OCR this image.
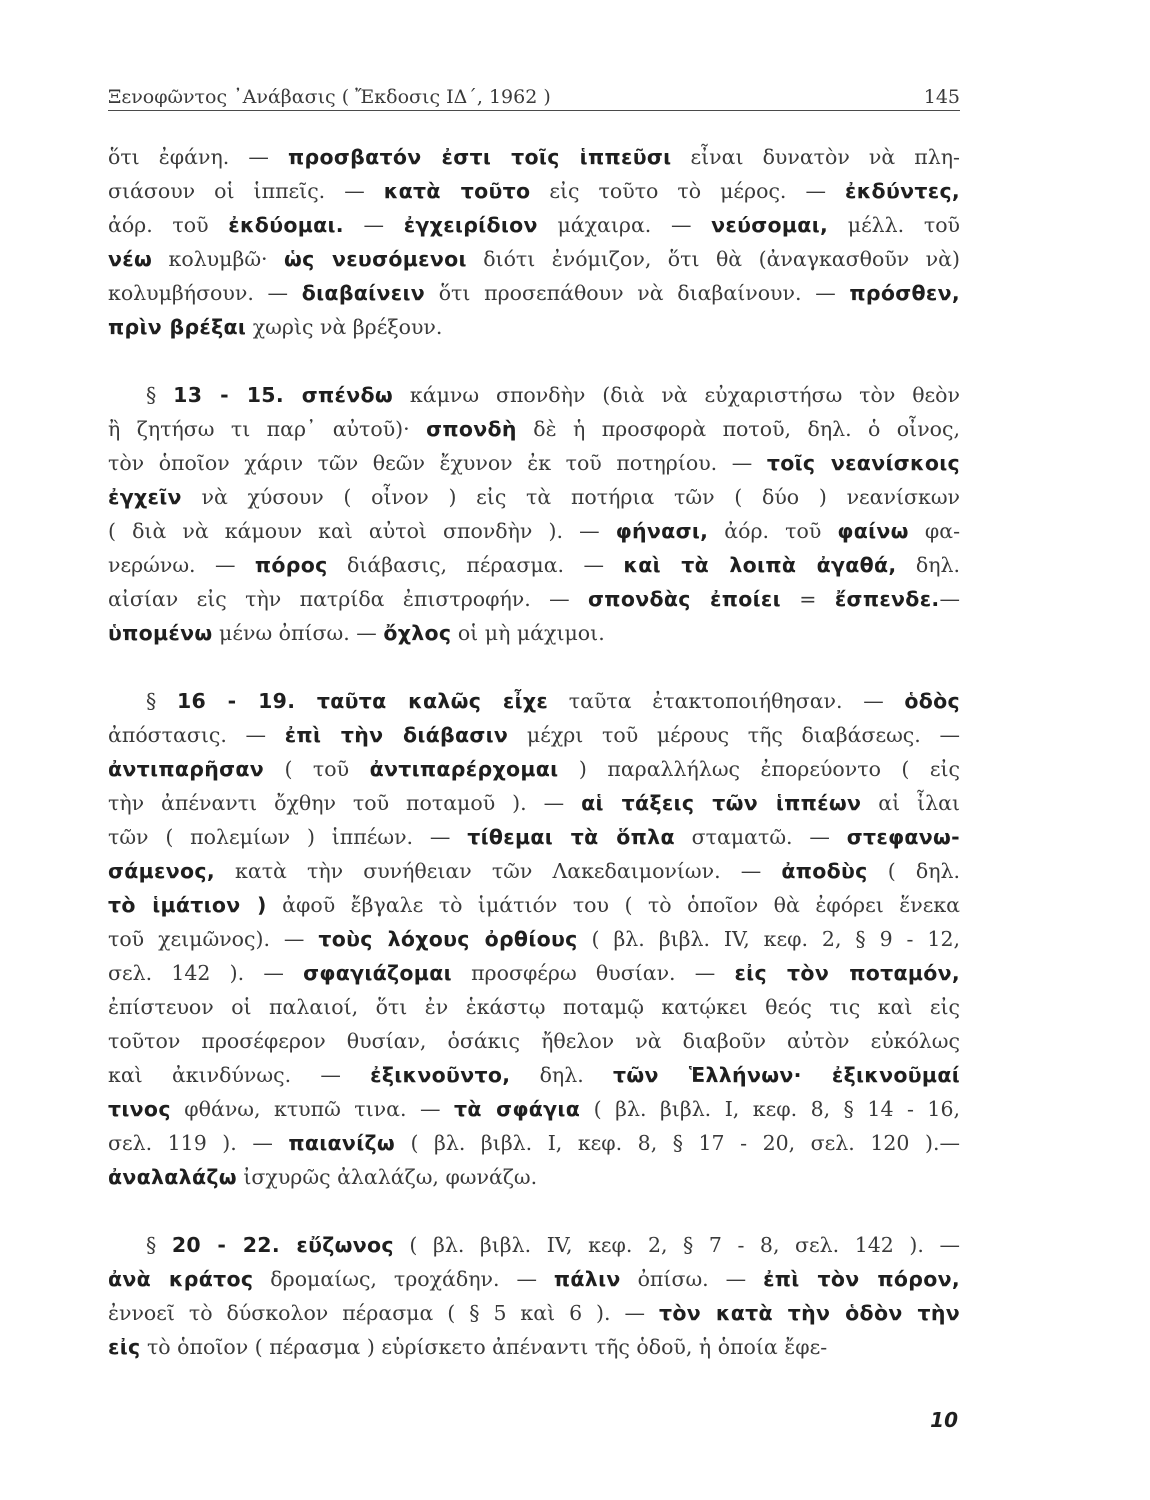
Ξενοφῶντος ᾿Ανάβασις ( Ἔκδοσις ΙΔ΄, 1962 )	145
ὅτι ἐφάνη. — προσβατόν ἐστι τοῖς ἱππεῦσι εἶναι δυνατὸν νὰ πλη-
σιάσουν οἱ ἱππεῖς. — κατὰ τοῦτο εἰς τοῦτο τὸ μέρος. — ἐκδύντες,
ἀόρ. τοῦ ἐκδύομαι. — ἐγχειρίδιον μάχαιρα. — νεύσομαι, μέλλ. τοῦ
νέω κολυμβῶ· ὡς νευσόμενοι διότι ἐνόμιζον, ὅτι θὰ (ἀναγκασθοῦν νὰ)
κολυμβήσουν. — διαβαίνειν ὅτι προσεπάθουν νὰ διαβαίνουν. — πρόσθεν,
πρὶν βρέξαι χωρὶς νὰ βρέξουν.
§ 13 - 15. σπένδω κάμνω σπονδὴν (διὰ νὰ εὐχαριστήσω τὸν θεὸν
ἢ ζητήσω τι παρ᾽ αὐτοῦ)· σπονδὴ δὲ ἡ προσφορὰ ποτοῦ, δηλ. ὁ οἶνος,
τὸν ὁποῖον χάριν τῶν θεῶν ἔχυνον ἐκ τοῦ ποτηρίου. — τοῖς νεανίσκοις
ἐγχεῖν νὰ χύσουν ( οἶνον ) εἰς τὰ ποτήρια τῶν ( δύο ) νεανίσκων
( διὰ νὰ κάμουν καὶ αὐτοὶ σπονδὴν ). — φήνασι, ἀόρ. τοῦ φαίνω φα-
νερώνω. — πόρος διάβασις, πέρασμα. — καὶ τὰ λοιπὰ ἀγαθά, δηλ.
αἰσίαν εἰς τὴν πατρίδα ἐπιστροφήν. — σπονδὰς ἐποίει = ἔσπενδε.—
ὑπομένω μένω ὀπίσω. — ὄχλος οἱ μὴ μάχιμοι.
§ 16 - 19. ταῦτα καλῶς εἶχε ταῦτα ἐτακτοποιήθησαν. — ὁδὸς
ἀπόστασις. — ἐπὶ τὴν διάβασιν μέχρι τοῦ μέρους τῆς διαβάσεως. —
ἀντιπαρῆσαν ( τοῦ ἀντιπαρέρχομαι ) παραλλήλως ἐπορεύοντο ( εἰς
τὴν ἀπέναντι ὄχθην τοῦ ποταμοῦ ). — αἱ τάξεις τῶν ἱππέων αἱ ἶλαι
τῶν ( πολεμίων ) ἱππέων. — τίθεμαι τὰ ὅπλα σταματῶ. — στεφανω-
σάμενος, κατὰ τὴν συνήθειαν τῶν Λακεδαιμονίων. — ἀποδὺς ( δηλ.
τὸ ἱμάτιον ) ἀφοῦ ἔβγαλε τὸ ἱμάτιόν του ( τὸ ὁποῖον θὰ ἐφόρει ἕνεκα
τοῦ χειμῶνος). — τοὺς λόχους ὀρθίους ( βλ. βιβλ. IV, κεφ. 2, § 9 - 12,
σελ. 142 ). — σφαγιάζομαι προσφέρω θυσίαν. — εἰς τὸν ποταμόν,
ἐπίστευον οἱ παλαιοί, ὅτι ἐν ἑκάστῳ ποταμῷ κατῴκει θεός τις καὶ εἰς
τοῦτον προσέφερον θυσίαν, ὁσάκις ἤθελον νὰ διαβοῦν αὐτὸν εὐκόλως
καὶ ἀκινδύνως. — ἐξικνοῦντο, δηλ. τῶν Ἑλλήνων· ἐξικνοῦμαί
τινος φθάνω, κτυπῶ τινα. — τὰ σφάγια ( βλ. βιβλ. I, κεφ. 8, § 14 - 16,
σελ. 119 ). — παιανίζω ( βλ. βιβλ. I, κεφ. 8, § 17 - 20, σελ. 120 ).—
ἀναλαλάζω ἰσχυρῶς ἀλαλάζω, φωνάζω.
§ 20 - 22. εὔζωνος ( βλ. βιβλ. IV, κεφ. 2, § 7 - 8, σελ. 142 ). —
ἀνὰ κράτος δρομαίως, τροχάδην. — πάλιν ὀπίσω. — ἐπὶ τὸν πόρον,
ἐννοεῖ τὸ δύσκολον πέρασμα ( § 5 καὶ 6 ). — τὸν κατὰ τὴν ὁδὸν τὴν
εἰς τὸ ὁποῖον ( πέρασμα ) εὑρίσκετο ἀπέναντι τῆς ὁδοῦ, ἡ ὁποία ἔφε-
10
